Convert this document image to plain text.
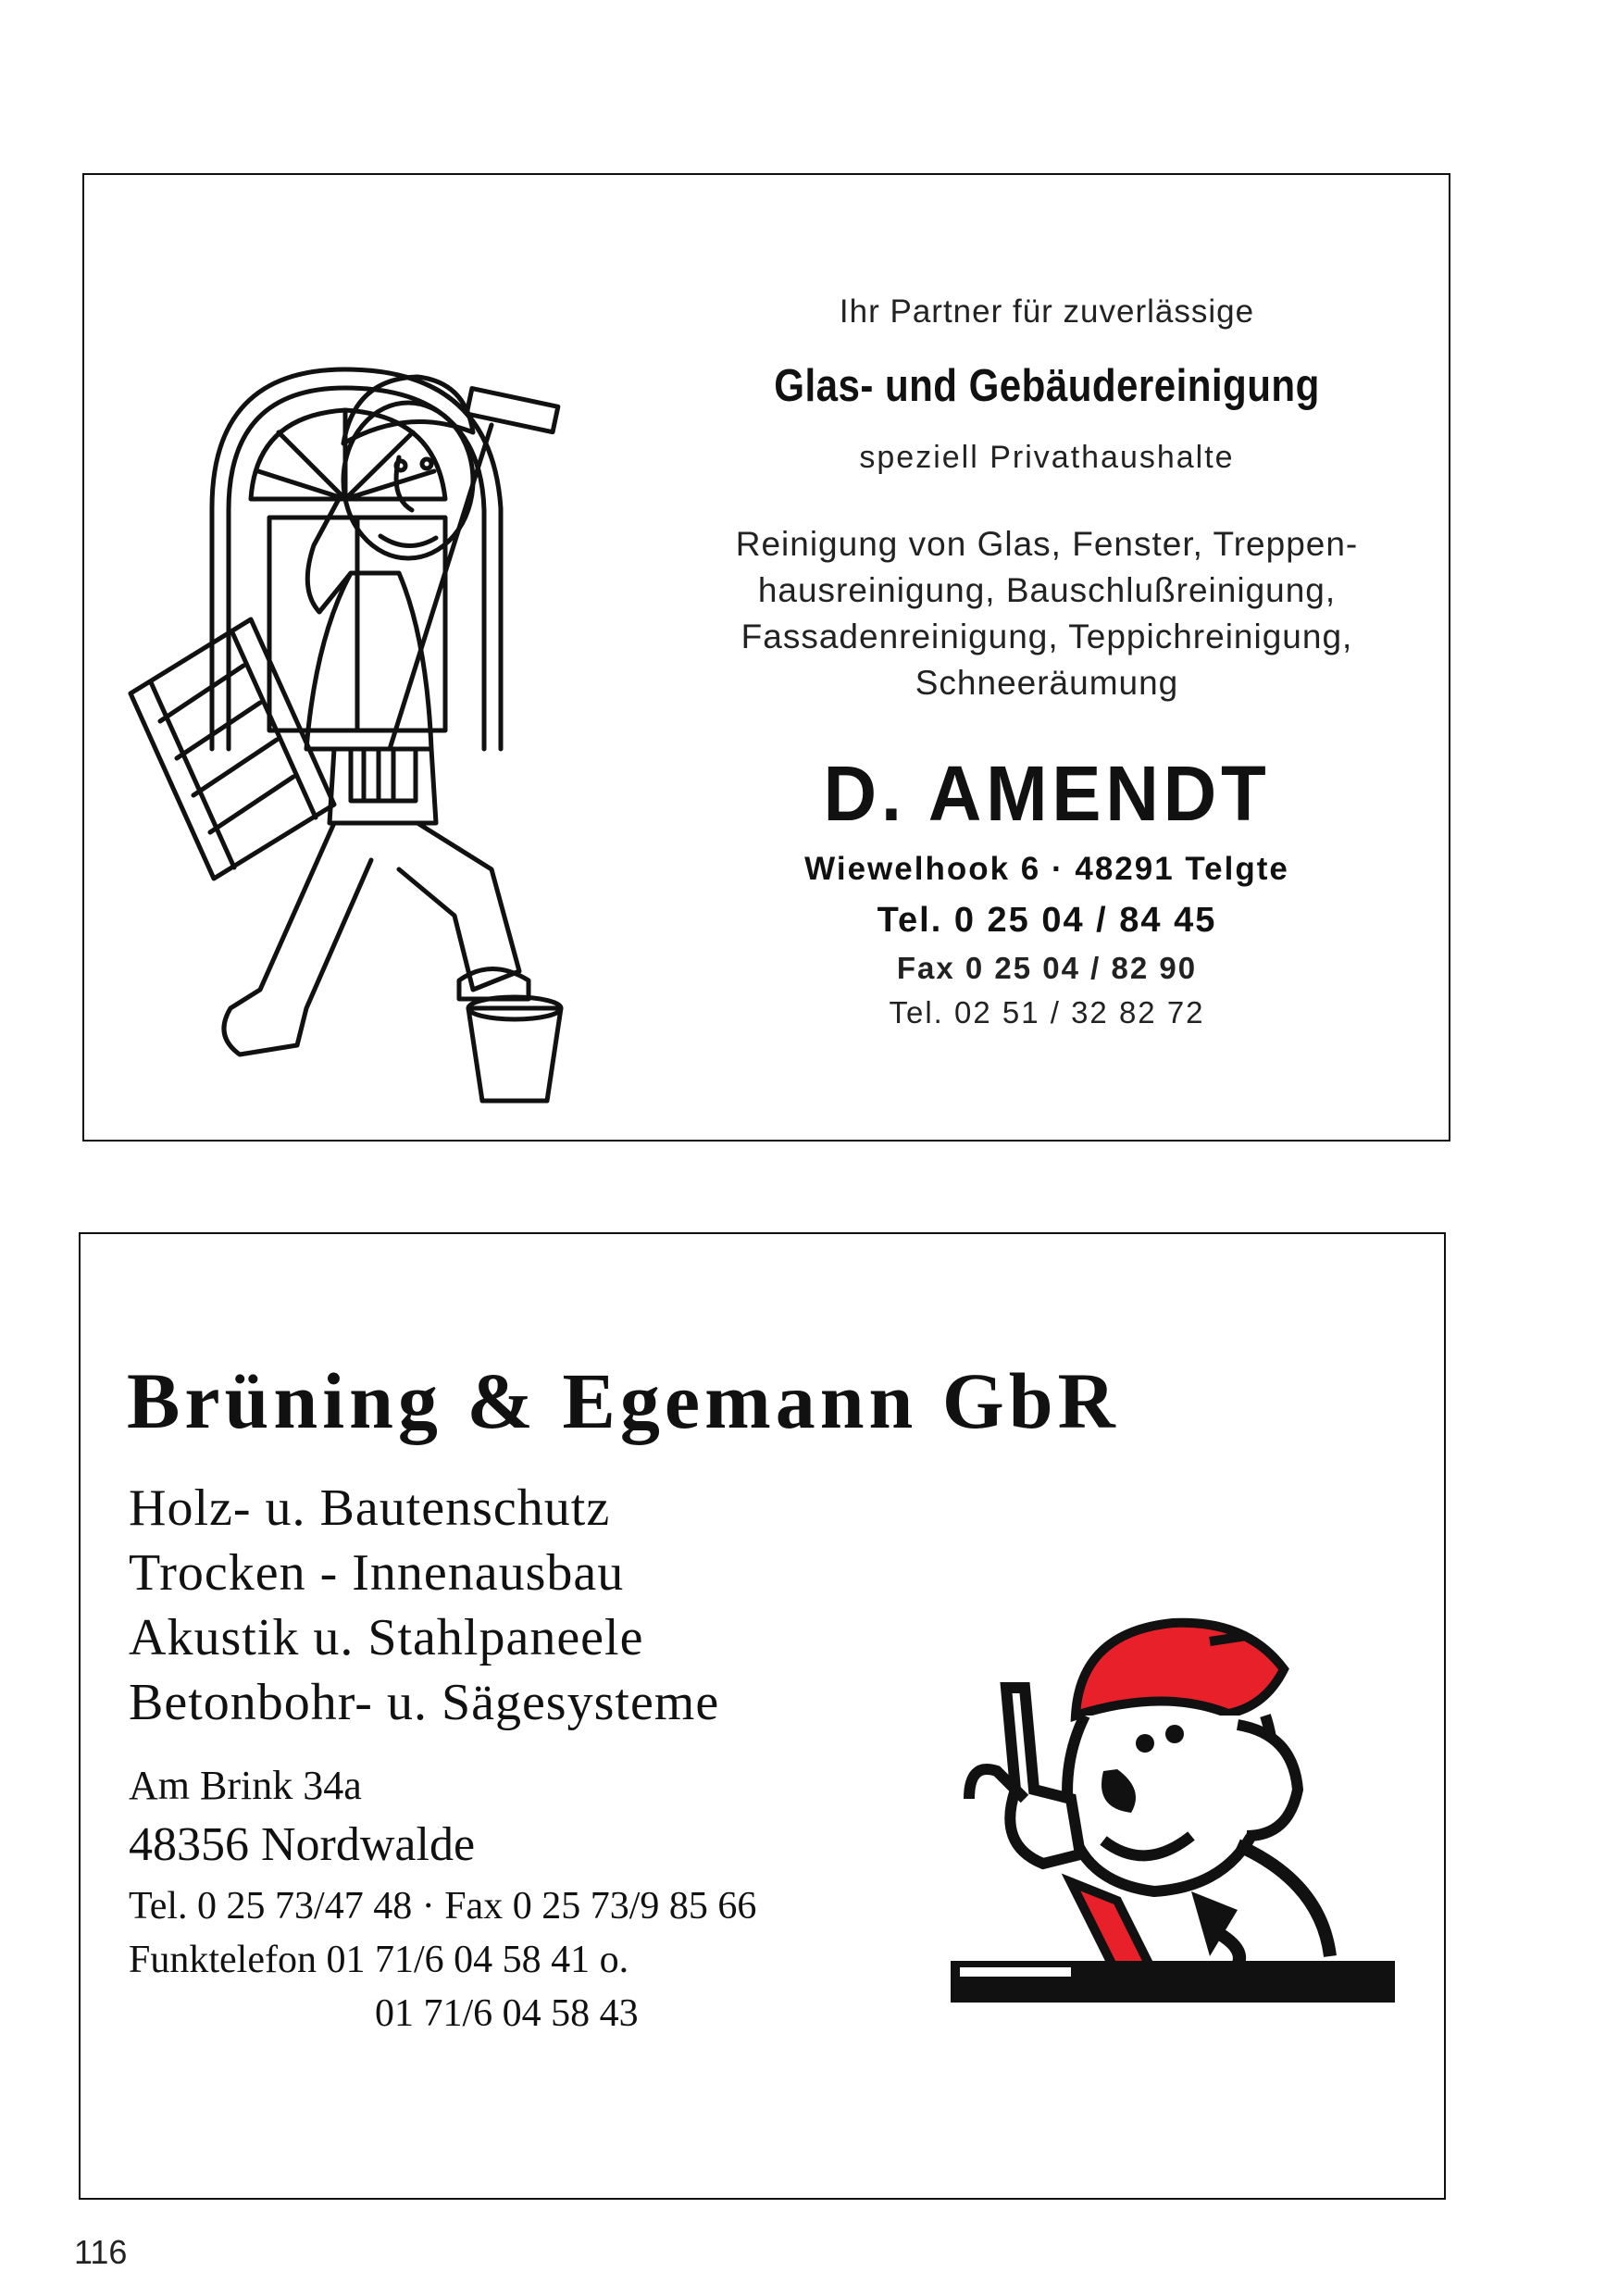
Ihr Partner für zuverlässige
Glas- und Gebäudereinigung
speziell Privathaushalte
Reinigung von Glas, Fenster, Treppen-
hausreinigung, Bauschlußreinigung,
Fassadenreinigung, Teppichreinigung,
Schneeräumung
D. AMENDT
Wiewelhook 6 · 48291 Telgte
Tel. 0 25 04 / 84 45
Fax 0 25 04 / 82 90
Tel. 02 51 / 32 82 72
Brüning & Egemann GbR
Holz- u. Bautenschutz
Trocken - Innenausbau
Akustik u. Stahlpaneele
Betonbohr- u. Sägesysteme
Am Brink 34a
48356 Nordwalde
Tel. 0 25 73/47 48 · Fax 0 25 73/9 85 66
Funktelefon 01 71/6 04 58 41 o.
01 71/6 04 58 43
116
